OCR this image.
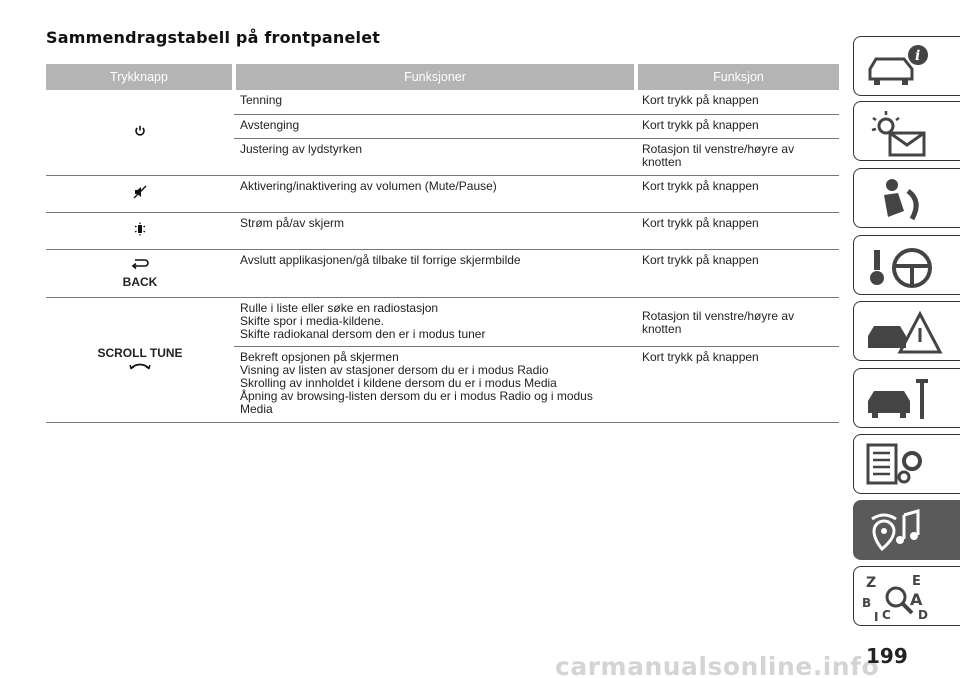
Sammendragstabell på frontpanelet
Trykknapp	Funksjoner	Funksjon

	Tenning	Kort trykk på knappen
	Avstenging	Kort trykk på knappen
	Justering av lydstyrken	Rotasjon til venstre/høyre av knotten

	Aktivering/inaktivering av volumen (Mute/Pause)	Kort trykk på knappen

	Strøm på/av skjerm	Kort trykk på knappen

BACK	Avslutt applikasjonen/gå tilbake til forrige skjermbilde	Kort trykk på knappen

SCROLL TUNE	Rulle i liste eller søke en radiostasjon
Skifte spor i media-kildene.
Skifte radiokanal dersom den er i modus tuner	Rotasjon til venstre/høyre av knotten

	Bekreft opsjonen på skjermen
Visning av listen av stasjoner dersom du er i modus Radio
Skrolling av innholdet i kildene dersom du er i modus Media
Åpning av browsing-listen dersom du er i modus Radio og i modus
Media	Kort trykk på knappen
i
Z	E
B A
I C D
carmanualsonline.info
199
